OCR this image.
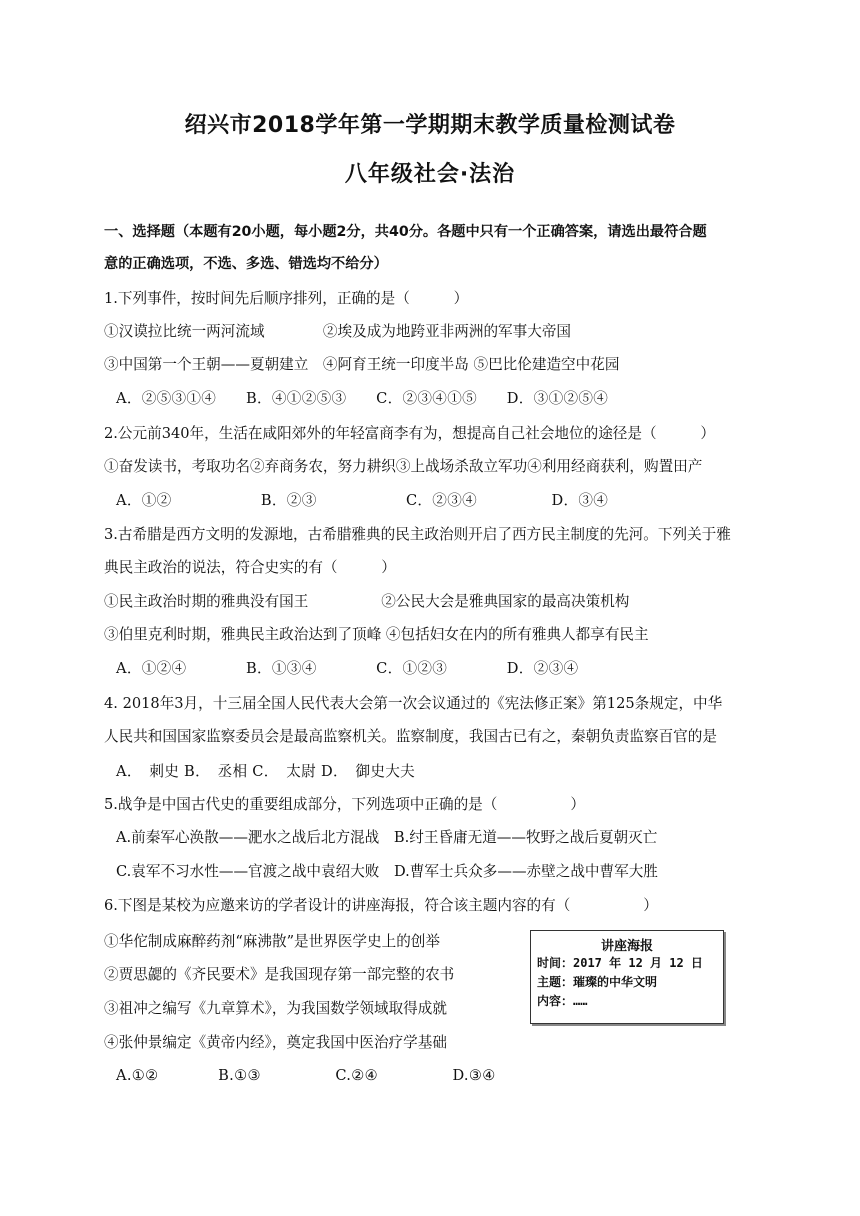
绍兴市2018学年第一学期期末教学质量检测试卷
八年级社会·法治
一、选择题（本题有20小题，每小题2分，共40分。各题中只有一个正确答案，请选出最符合题
意的正确选项，不选、多选、错选均不给分）
1.下列事件，按时间先后顺序排列，正确的是（　　　）
①汉谟拉比统一两河流域　　　　②埃及成为地跨亚非两洲的军事大帝国
③中国第一个王朝——夏朝建立　④阿育王统一印度半岛 ⑤巴比伦建造空中花园
A．②⑤③①④　　B．④①②⑤③　　C．②③④①⑤　　D．③①②⑤④
2.公元前340年，生活在咸阳郊外的年轻富商李有为，想提高自己社会地位的途径是（　　　）
①奋发读书，考取功名②弃商务农，努力耕织③上战场杀敌立军功④利用经商获利，购置田产
A．①②　　　　　　B．②③　　　　　　C．②③④　　　　　D．③④
3.古希腊是西方文明的发源地，古希腊雅典的民主政治则开启了西方民主制度的先河。下列关于雅
典民主政治的说法，符合史实的有（　　　）
①民主政治时期的雅典没有国王　　　　　②公民大会是雅典国家的最高决策机构
③伯里克利时期，雅典民主政治达到了顶峰 ④包括妇女在内的所有雅典人都享有民主
A．①②④　　　　B．①③④　　　　C．①②③　　　　D．②③④
4. 2018年3月，十三届全国人民代表大会第一次会议通过的《宪法修正案》第125条规定，中华
人民共和国国家监察委员会是最高监察机关。监察制度，我国古已有之，秦朝负责监察百官的是
A．　刺史 B．　丞相 C．　太尉 D．　御史大夫
5.战争是中国古代史的重要组成部分，下列选项中正确的是（　　　　　）
A.前秦军心涣散——淝水之战后北方混战　B.纣王昏庸无道——牧野之战后夏朝灭亡
C.袁军不习水性——官渡之战中袁绍大败　D.曹军士兵众多——赤壁之战中曹军大胜
6.下图是某校为应邀来访的学者设计的讲座海报，符合该主题内容的有（　　　　　）
①华佗制成麻醉药剂“麻沸散”是世界医学史上的创举
②贾思勰的《齐民要术》是我国现存第一部完整的农书
③祖冲之编写《九章算术》，为我国数学领域取得成就
④张仲景编定《黄帝内经》，奠定我国中医治疗学基础
A.①②　　　　B.①③　　　　　C.②④　　　　　D.③④
讲座海报
时间：2017 年 12 月 12 日
主题：璀璨的中华文明
内容：……
